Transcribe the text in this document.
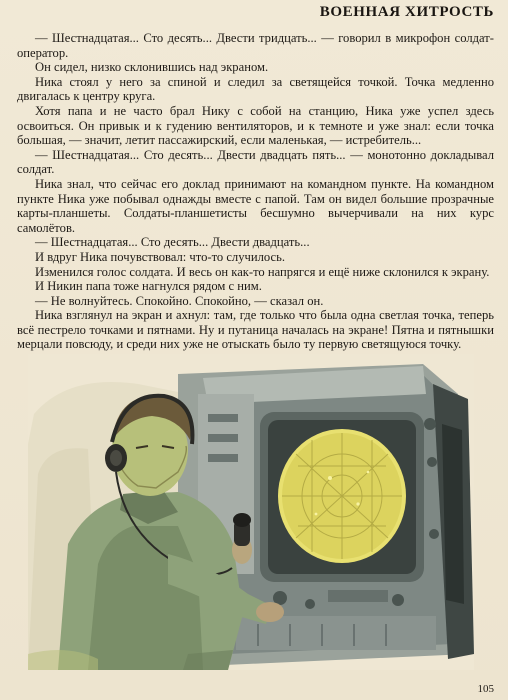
ВОЕННАЯ ХИТРОСТЬ

— Шестнадцатая... Сто десять... Двести тридцать... — говорил в микрофон солдат-оператор.

Он сидел, низко склонившись над экраном.

Ника стоял у него за спиной и следил за светящейся точкой. Точка медленно двигалась к центру круга.

Хотя папа и не часто брал Нику с собой на станцию, Ника уже успел здесь освоиться. Он привык и к гудению вентиляторов, и к темноте и уже знал: если точка большая, — значит, летит пассажирский, если маленькая, — истребитель...

— Шестнадцатая... Сто десять... Двести двадцать пять... — монотонно докладывал солдат.

Ника знал, что сейчас его доклад принимают на командном пункте. На командном пункте Ника уже побывал однажды вместе с папой. Там он видел большие прозрачные карты-планшеты. Солдаты-планшетисты бесшумно вычерчивали на них курс самолётов.

— Шестнадцатая... Сто десять... Двести двадцать...

И вдруг Ника почувствовал: что-то случилось.

Изменился голос солдата. И весь он как-то напрягся и ещё ниже склонился к экрану.

И Никин папа тоже нагнулся рядом с ним.

— Не волнуйтесь. Спокойно. Спокойно, — сказал он.

Ника взглянул на экран и ахнул: там, где только что была одна светлая точка, теперь всё пестрело точками и пятнами. Ну и путаница началась на экране! Пятна и пятнышки мерцали повсюду, и среди них уже не отыскать было ту первую светящуюся точку.

105
